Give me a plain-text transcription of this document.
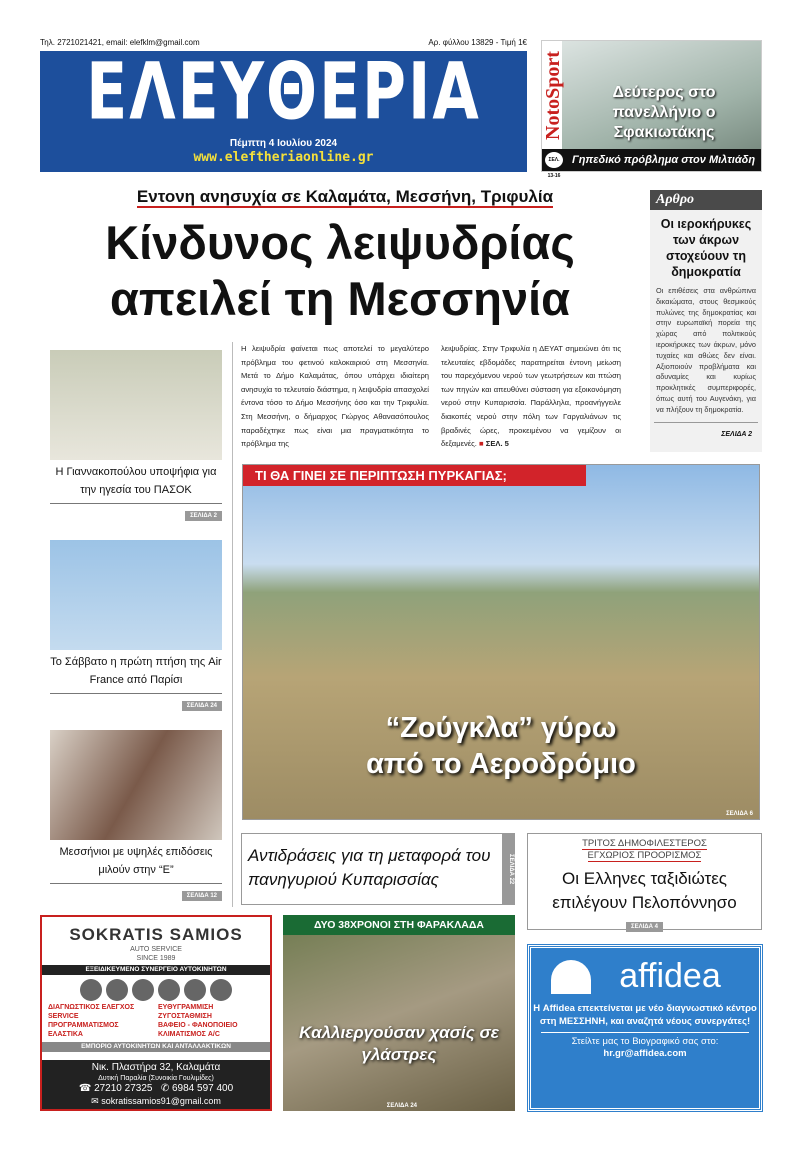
Τηλ. 2721021421, email: elefklm@gmail.com	Αρ. φύλλου 13829 - Τιμή 1€
ΕΛΕΥΘΕΡΙΑ
Πέμπτη 4 Ιουλίου 2024
www.eleftheriaonline.gr
NotoSport	Δεύτερος στο πανελλήνιο ο Σφακιωτάκης
ΣΕΛ. 13-16
Γηπεδικό πρόβλημα στον Μιλτιάδη
Εντονη ανησυχία σε Καλαμάτα, Μεσσήνη, Τριφυλία
Κίνδυνος λειψυδρίας
απειλεί τη Μεσσηνία
Αρθρο
Οι ιεροκήρυκες των άκρων στοχεύουν τη δημοκρατία
Οι επιθέσεις στα ανθρώπινα δικαιώματα, στους θεσμικούς πυλώνες της δημοκρατίας και στην ευρωπαϊκή πορεία της χώρας από πολιτικούς ιεροκήρυκες των άκρων, μόνο τυχαίες και αθώες δεν είναι. Αξιοποιούν προβλήματα και αδυναμίες και κυρίως προκλητικές συμπεριφορές, όπως αυτή του Αυγενάκη, για να πλήξουν τη δημοκρατία.
ΣΕΛΙΔΑ 2
Η λειψυδρία φαίνεται πως αποτελεί το μεγαλύτερο πρόβλημα του φετινού καλοκαιριού στη Μεσσηνία. Μετά το Δήμο Καλαμάτας, όπου υπάρχει ιδιαίτερη ανησυχία το τελευταίο διάστημα, η λειψυδρία απασχολεί έντονα τόσο το Δήμο Μεσσήνης όσο και την Τριφυλία. Στη Μεσσήνη, ο δήμαρχος Γιώργος Αθανασόπουλος παραδέχτηκε πως είναι μια πραγματικότητα το πρόβλημα της
λειψυδρίας. Στην Τριφυλία η ΔΕΥΑΤ σημειώνει ότι τις τελευταίες εβδομάδες παρατηρείται έντονη μείωση του παρεχόμενου νερού των γεωτρήσεων και πτώση των πηγών και απευθύνει σύσταση για εξοικονόμηση νερού στην Κυπαρισσία. Παράλληλα, προανήγγειλε διακοπές νερού στην πόλη των Γαργαλιάνων τις βραδινές ώρες, προκειμένου να γεμίζουν οι δεξαμενές. ■ ΣΕΛ. 5
Η Γιαννακοπούλου υποψήφια για την ηγεσία του ΠΑΣΟΚ
ΣΕΛΙΔΑ 2
Το Σάββατο η πρώτη πτήση της Air France από Παρίσι
ΣΕΛΙΔΑ 24
Μεσσήνιοι με υψηλές επιδόσεις μιλούν στην “Ε”
ΣΕΛΙΔΑ 12
ΤΙ ΘΑ ΓΙΝΕΙ ΣΕ ΠΕΡΙΠΤΩΣΗ ΠΥΡΚΑΓΙΑΣ;
“Ζούγκλα” γύρω
από το Αεροδρόμιο
ΣΕΛΙΔΑ 6
Αντιδράσεις για τη μεταφορά του πανηγυριού Κυπαρισσίας	ΣΕΛΙΔΑ 22
ΤΡΙΤΟΣ ΔΗΜΟΦΙΛΕΣΤΕΡΟΣ
ΕΓΧΩΡΙΟΣ ΠΡΟΟΡΙΣΜΟΣ
Οι Ελληνες ταξιδιώτες επιλέγουν Πελοπόννησο
ΣΕΛΙΔΑ 4
SOKRATIS SAMIOS
AUTO SERVICE
SINCE 1989
ΕΞΕΙΔΙΚΕΥΜΕΝΟ ΣΥΝΕΡΓΕΙΟ ΑΥΤΟΚΙΝΗΤΩΝ
ΔΙΑΓΝΩΣΤΙΚΟΣ ΕΛΕΓΧΟΣ	ΕΥΘΥΓΡΑΜΜΙΣΗ
SERVICE	ΖΥΓΟΣΤΑΘΜΙΣΗ
ΠΡΟΓΡΑΜΜΑΤΙΣΜΟΣ	ΒΑΦΕΙΟ - ΦΑΝΟΠΟΙΕΙΟ
ΕΛΑΣΤΙΚΑ	ΚΛΙΜΑΤΙΣΜΟΣ A/C
ΕΜΠΟΡΙΟ ΑΥΤΟΚΙΝΗΤΩΝ ΚΑΙ ΑΝΤΑΛΛΑΚΤΙΚΩΝ
Νικ. Πλαστήρα 32, Καλαμάτα
Δυτική Παραλία (Συνοικία Γουλιμίδες)
☎ 27210 27325 ✆ 6984 597 400
✉ sokratissamios91@gmail.com
ΔΥΟ 38ΧΡΟΝΟΙ ΣΤΗ ΦΑΡΑΚΛΑΔΑ
Καλλιεργούσαν χασίς σε γλάστρες
ΣΕΛΙΔΑ 24
affidea
Η Affidea επεκτείνεται με νέο διαγνωστικό κέντρο στη ΜΕΣΣΗΝΗ, και αναζητά νέους συνεργάτες!
Στείλτε μας το Βιογραφικό σας στο:
hr.gr@affidea.com
